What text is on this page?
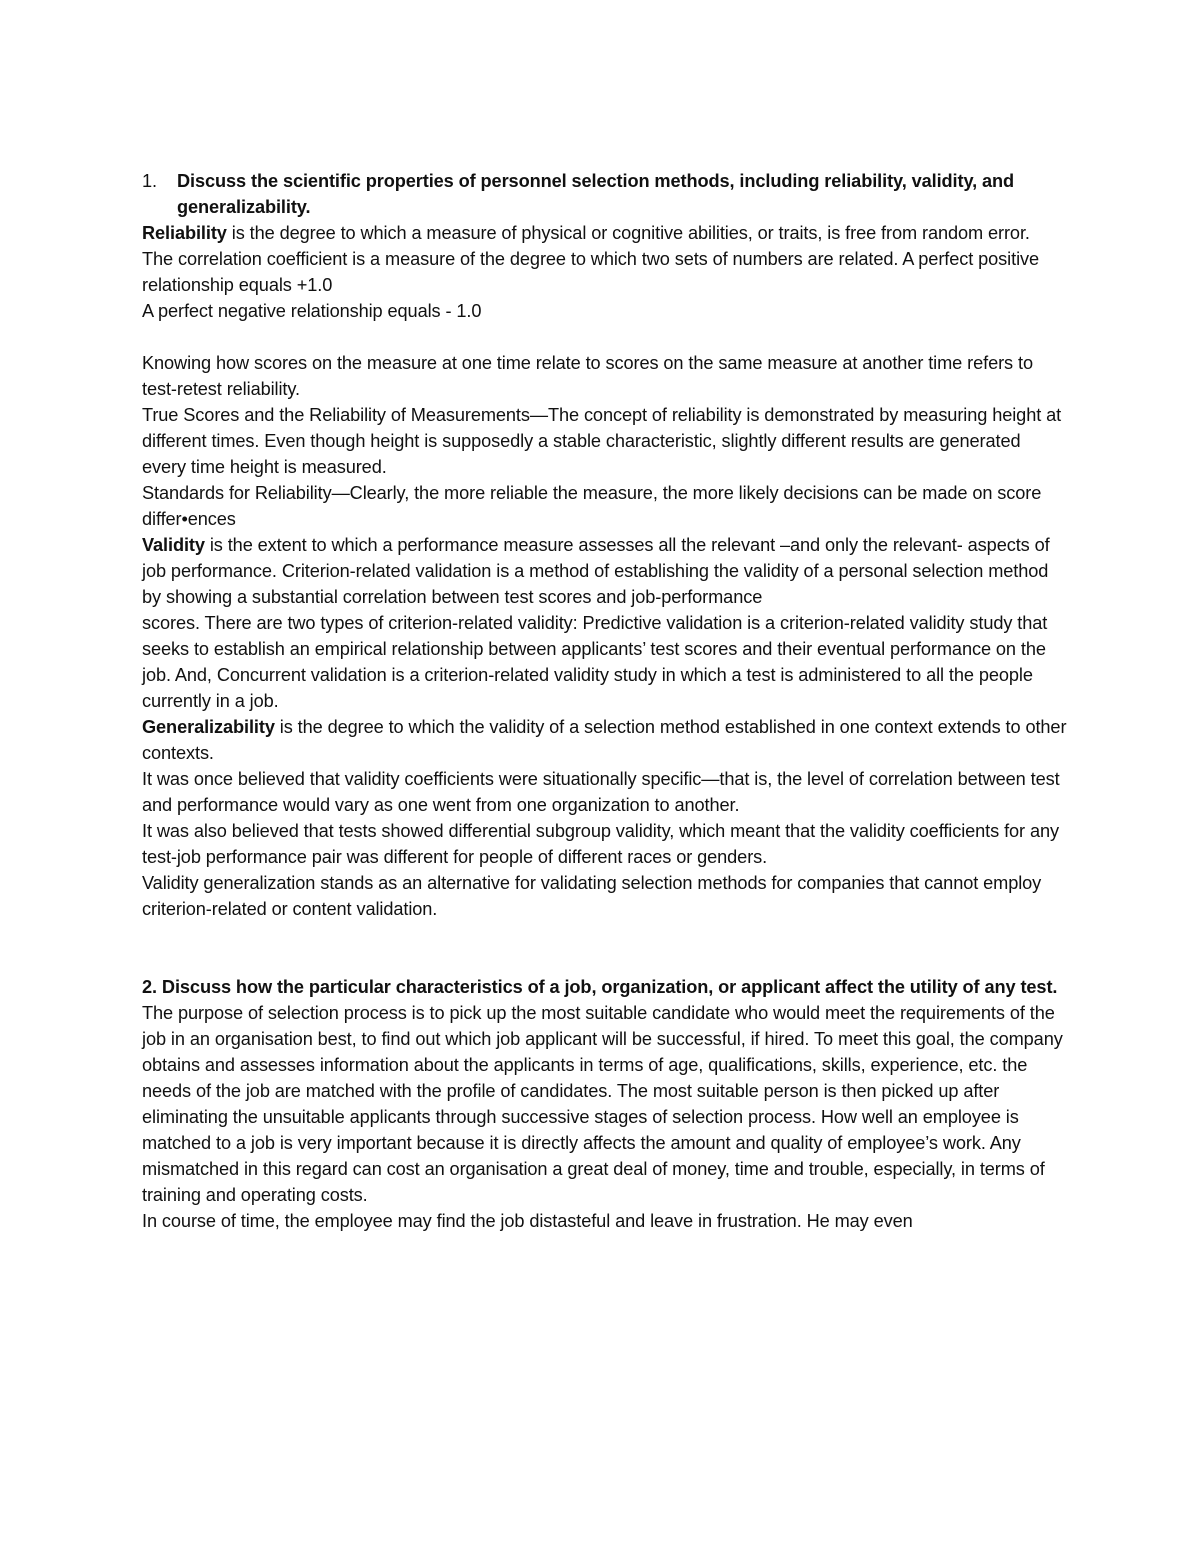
1.	Discuss the scientific properties of personnel selection methods, including reliability, validity, and generalizability.

Reliability is the degree to which a measure of physical or cognitive abilities, or traits, is free from random error.

The correlation coefficient is a measure of the degree to which two sets of numbers are related. A perfect positive relationship equals +1.0

A perfect negative relationship equals - 1.0

Knowing how scores on the measure at one time relate to scores on the same measure at another time refers to test-retest reliability.

True Scores and the Reliability of Measurements—The concept of reliability is demonstrated by measuring height at different times. Even though height is supposedly a stable characteristic, slightly different results are generated every time height is measured.

Standards for Reliability—Clearly, the more reliable the measure, the more likely decisions can be made on score differ•ences

Validity is the extent to which a performance measure assesses all the relevant –and only the relevant- aspects of job performance. Criterion-related validation is a method of establishing the validity of a personal selection method by showing a substantial correlation between test scores and job-performance

scores. There are two types of criterion-related validity: Predictive validation is a criterion-related validity study that seeks to establish an empirical relationship between applicants’ test scores and their eventual performance on the job. And, Concurrent validation is a criterion-related validity study in which a test is administered to all the people currently in a job.

Generalizability is the degree to which the validity of a selection method established in one context extends to other contexts.

It was once believed that validity coefficients were situationally specific—that is, the level of correlation between test and performance would vary as one went from one organization to another.

It was also believed that tests showed differential subgroup validity, which meant that the validity coefficients for any test-job performance pair was different for people of different races or genders.

Validity generalization stands as an alternative for validating selection methods for companies that cannot employ criterion-related or content validation.

2. Discuss how the particular characteristics of a job, organization, or applicant affect the utility of any test.

The purpose of selection process is to pick up the most suitable candidate who would meet the requirements of the job in an organisation best, to find out which job applicant will be successful, if hired. To meet this goal, the company obtains and assesses information about the applicants in terms of age, qualifications, skills, experience, etc. the needs of the job are matched with the profile of candidates. The most suitable person is then picked up after eliminating the unsuitable applicants through successive stages of selection process. How well an employee is matched to a job is very important because it is directly affects the amount and quality of employee’s work. Any mismatched in this regard can cost an organisation a great deal of money, time and trouble, especially, in terms of training and operating costs.

In course of time, the employee may find the job distasteful and leave in frustration. He may even
